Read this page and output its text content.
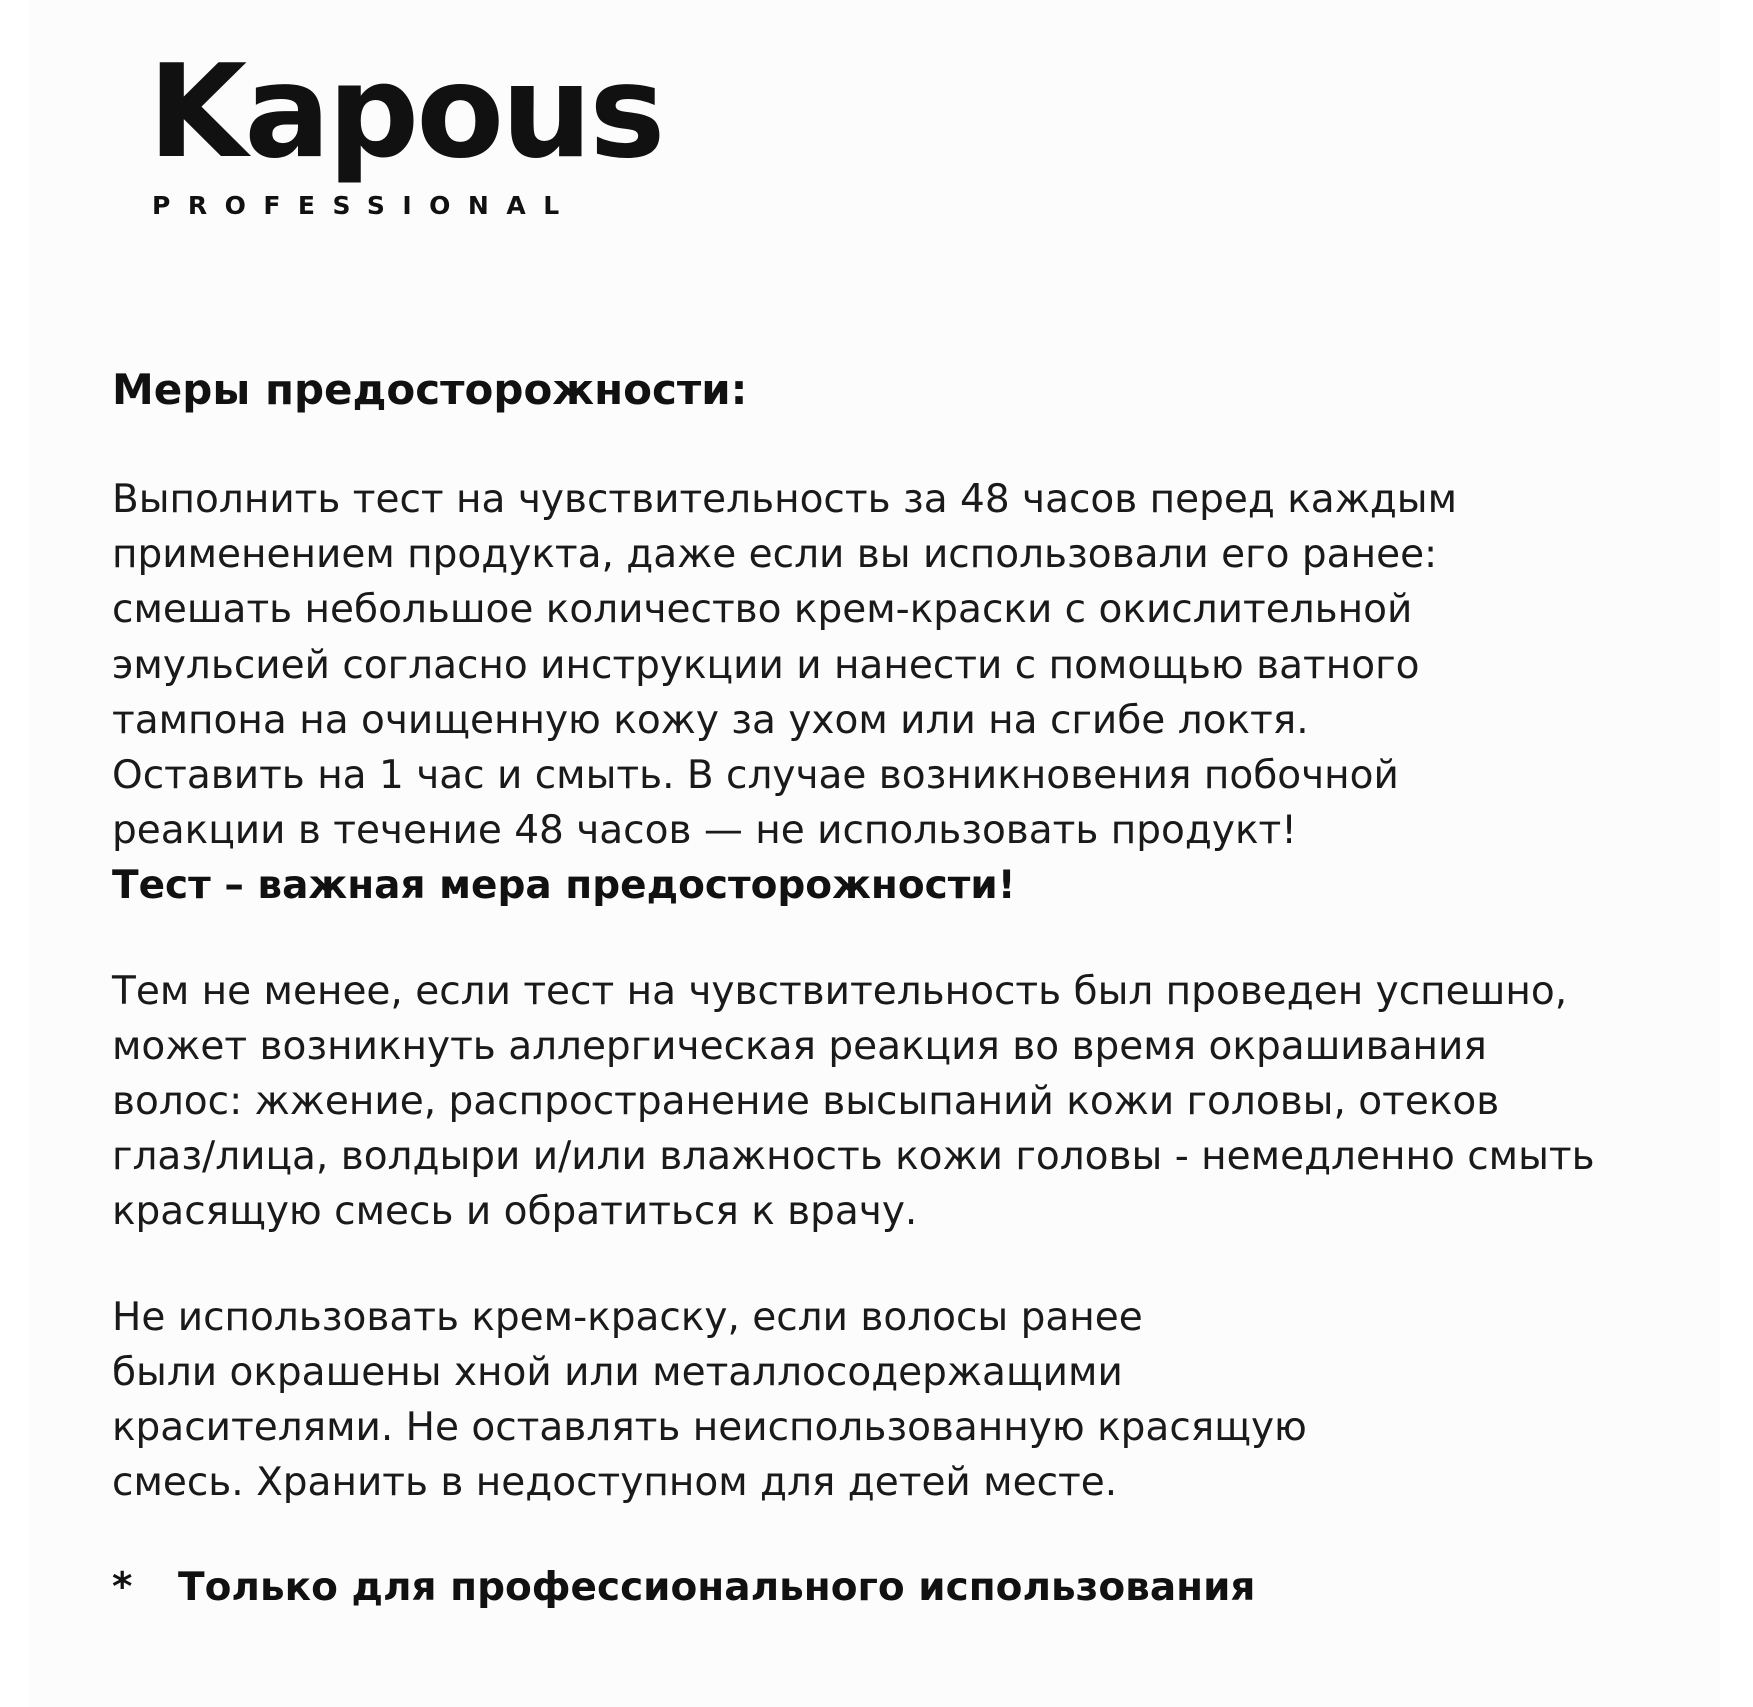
Kapous
PROFESSIONAL
Меры предосторожности:
Выполнить тест на чувствительность за 48 часов перед каждым
применением продукта, даже если вы использовали его ранее:
смешать небольшое количество крем-краски с окислительной
эмульсией согласно инструкции и нанести с помощью ватного
тампона на очищенную кожу за ухом или на сгибе локтя.
Оставить на 1 час и смыть. В случае возникновения побочной
реакции в течение 48 часов — не использовать продукт!
Тест – важная мера предосторожности!
Тем не менее, если тест на чувствительность был проведен успешно,
может возникнуть аллергическая реакция во время окрашивания
волос: жжение, распространение высыпаний кожи головы, отеков
глаз/лица, волдыри и/или влажность кожи головы - немедленно смыть
красящую смесь и обратиться к врачу.
Не использовать крем-краску, если волосы ранее
были окрашены хной или металлосодержащими
красителями. Не оставлять неиспользованную красящую
смесь. Хранить в недоступном для детей месте.
*	Только для профессионального использования
